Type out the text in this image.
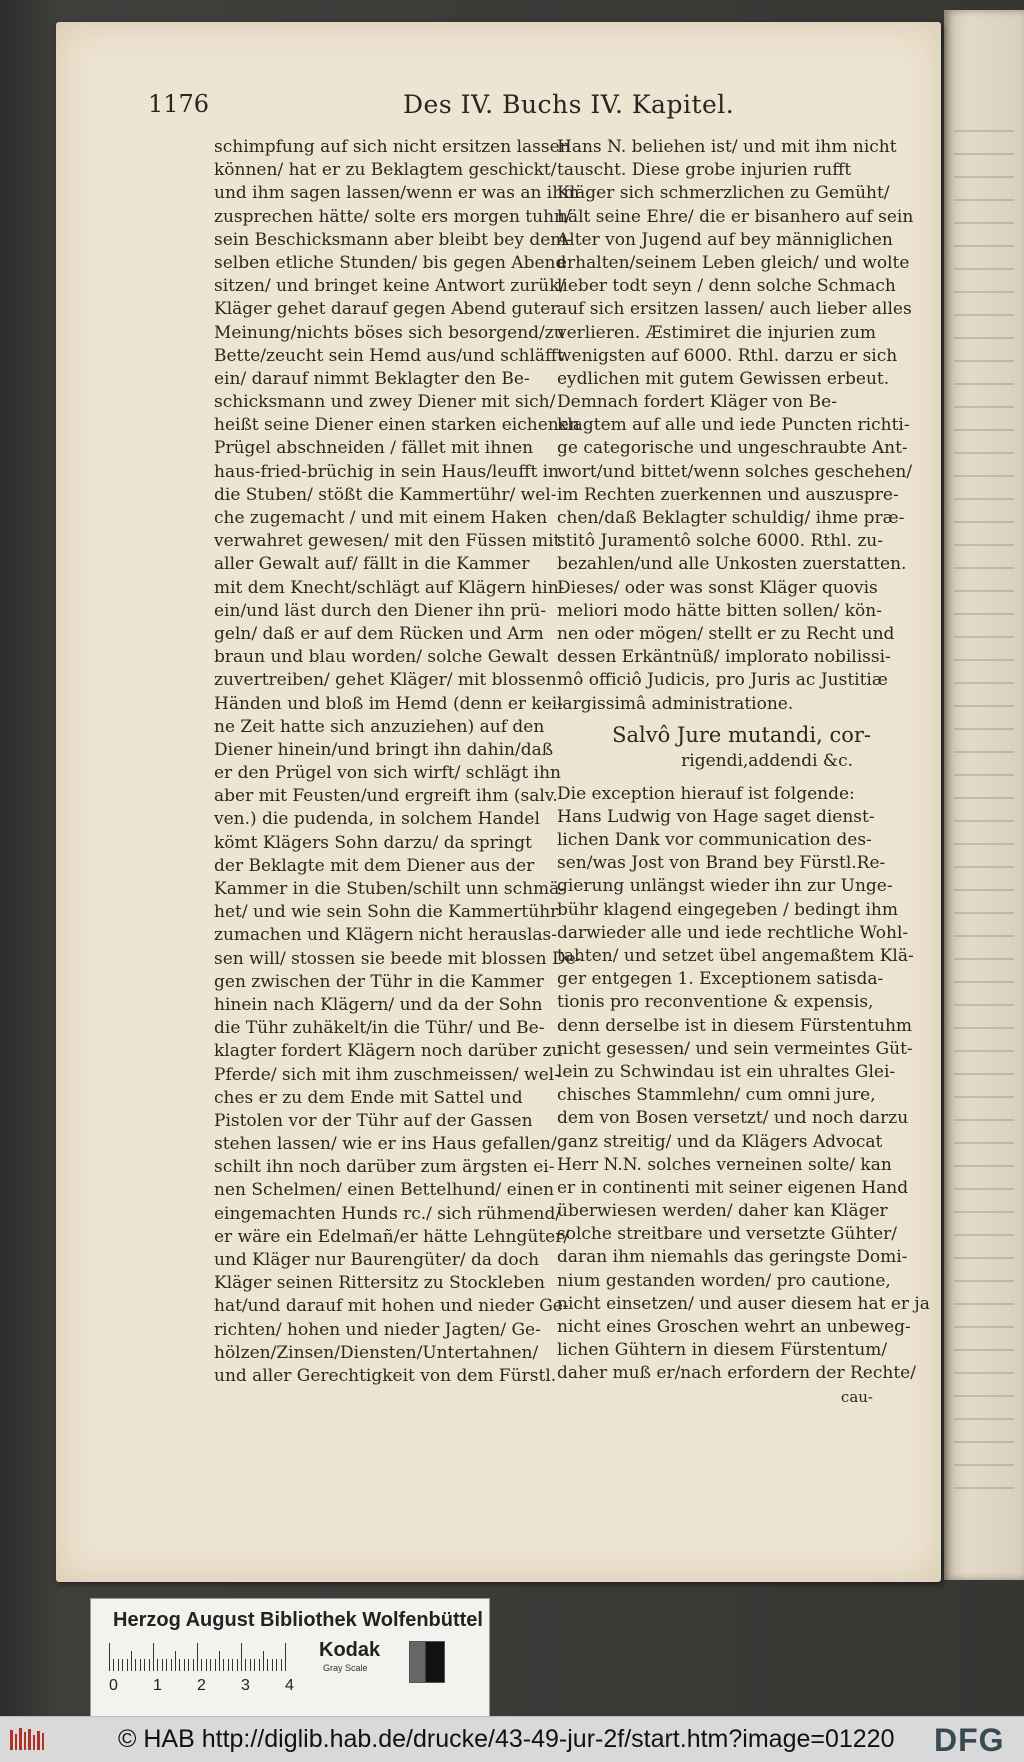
1176	Des IV. Buchs IV. Kapitel.
schimpfung auf sich nicht ersitzen lassen
können/ hat er zu Beklagtem geschickt/
und ihm sagen lassen/wenn er was an ihm
zusprechen hätte/ solte ers morgen tuhn/
sein Beschicksmann aber bleibt bey dem-
selben etliche Stunden/ bis gegen Abend
sitzen/ und bringet keine Antwort zurük/
Kläger gehet darauf gegen Abend guter
Meinung/nichts böses sich besorgend/zu
Bette/zeucht sein Hemd aus/und schläfft
ein/ darauf nimmt Beklagter den Be-
schicksmann und zwey Diener mit sich/
heißt seine Diener einen starken eichenen
Prügel abschneiden / fället mit ihnen
haus-fried-brüchig in sein Haus/leufft in
die Stuben/ stößt die Kammertühr/ wel-
che zugemacht / und mit einem Haken
verwahret gewesen/ mit den Füssen mit
aller Gewalt auf/ fällt in die Kammer
mit dem Knecht/schlägt auf Klägern hin-
ein/und läst durch den Diener ihn prü-
geln/ daß er auf dem Rücken und Arm
braun und blau worden/ solche Gewalt
zuvertreiben/ gehet Kläger/ mit blossen
Händen und bloß im Hemd (denn er kei-
ne Zeit hatte sich anzuziehen) auf den
Diener hinein/und bringt ihn dahin/daß
er den Prügel von sich wirft/ schlägt ihn
aber mit Feusten/und ergreift ihm (salv.
ven.) die pudenda, in solchem Handel
kömt Klägers Sohn darzu/ da springt
der Beklagte mit dem Diener aus der
Kammer in die Stuben/schilt unn schmä-
het/ und wie sein Sohn die Kammertühr
zumachen und Klägern nicht herauslas-
sen will/ stossen sie beede mit blossen De-
gen zwischen der Tühr in die Kammer
hinein nach Klägern/ und da der Sohn
die Tühr zuhäkelt/in die Tühr/ und Be-
klagter fordert Klägern noch darüber zu
Pferde/ sich mit ihm zuschmeissen/ wel-
ches er zu dem Ende mit Sattel und
Pistolen vor der Tühr auf der Gassen
stehen lassen/ wie er ins Haus gefallen/
schilt ihn noch darüber zum ärgsten ei-
nen Schelmen/ einen Bettelhund/ einen
eingemachten Hunds rc./ sich rühmend/
er wäre ein Edelmañ/er hätte Lehngüter/
und Kläger nur Baurengüter/ da doch
Kläger seinen Rittersitz zu Stockleben
hat/und darauf mit hohen und nieder Ge-
richten/ hohen und nieder Jagten/ Ge-
hölzen/Zinsen/Diensten/Untertahnen/
und aller Gerechtigkeit von dem Fürstl.
Hans N. beliehen ist/ und mit ihm nicht
tauscht. Diese grobe injurien rufft
Kläger sich schmerzlichen zu Gemüht/
hält seine Ehre/ die er bisanhero auf sein
Alter von Jugend auf bey männiglichen
erhalten/seinem Leben gleich/ und wolte
lieber todt seyn / denn solche Schmach
auf sich ersitzen lassen/ auch lieber alles
verlieren. Æstimiret die injurien zum
wenigsten auf 6000. Rthl. darzu er sich
eydlichen mit gutem Gewissen erbeut.
Demnach fordert Kläger von Be-
klagtem auf alle und iede Puncten richti-
ge categorische und ungeschraubte Ant-
wort/und bittet/wenn solches geschehen/
im Rechten zuerkennen und auszuspre-
chen/daß Beklagter schuldig/ ihme præ-
stitô Juramentô solche 6000. Rthl. zu-
bezahlen/und alle Unkosten zuerstatten.
Dieses/ oder was sonst Kläger quovis
meliori modo hätte bitten sollen/ kön-
nen oder mögen/ stellt er zu Recht und
dessen Erkäntnüß/ implorato nobilissi-
mô officiô Judicis, pro Juris ac Justitiæ
largissimâ administratione.
Salvô Jure mutandi, cor-
rigendi,addendi &c.
Die exception hierauf ist folgende:
Hans Ludwig von Hage saget dienst-
lichen Dank vor communication des-
sen/was Jost von Brand bey Fürstl.Re-
gierung unlängst wieder ihn zur Unge-
bühr klagend eingegeben / bedingt ihm
darwieder alle und iede rechtliche Wohl-
tahten/ und setzet übel angemaßtem Klä-
ger entgegen 1. Exceptionem satisda-
tionis pro reconventione & expensis,
denn derselbe ist in diesem Fürstentuhm
nicht gesessen/ und sein vermeintes Güt-
lein zu Schwindau ist ein uhraltes Glei-
chisches Stammlehn/ cum omni jure,
dem von Bosen versetzt/ und noch darzu
ganz streitig/ und da Klägers Advocat
Herr N.N. solches verneinen solte/ kan
er in continenti mit seiner eigenen Hand
überwiesen werden/ daher kan Kläger
solche streitbare und versetzte Gühter/
daran ihm niemahls das geringste Domi-
nium gestanden worden/ pro cautione,
nicht einsetzen/ und auser diesem hat er ja
nicht eines Groschen wehrt an unbeweg-
lichen Gühtern in diesem Fürstentum/
daher muß er/nach erfordern der Rechte/
cau-
Herzog August Bibliothek Wolfenbüttel
0 1 2 3 4
Kodak
Gray Scale
© HAB http://diglib.hab.de/drucke/43-49-jur-2f/start.htm?image=01220 DFG
